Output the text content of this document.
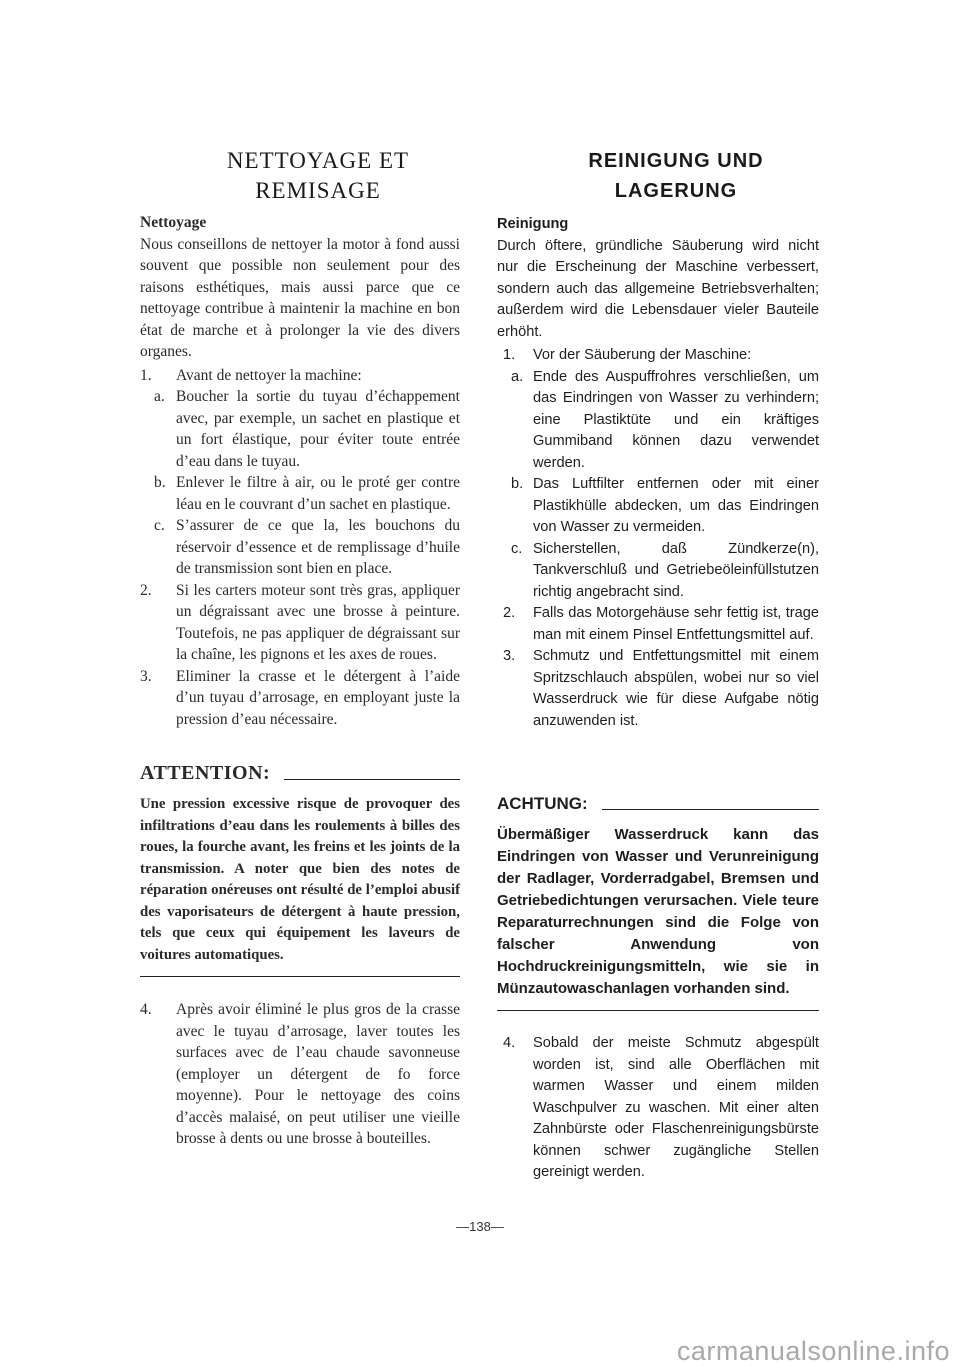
NETTOYAGE ET
REMISAGE
Nettoyage

Nous conseillons de nettoyer la motor à fond aussi souvent que possible non seulement pour des raisons esthétiques, mais aussi parce que ce nettoyage contribue à maintenir la machine en bon état de marche et à prolonger la vie des divers organes.

1. Avant de nettoyer la machine:
a. Boucher la sortie du tuyau d’échappement avec, par exemple, un sachet en plastique et un fort élastique, pour éviter toute entrée d’eau dans le tuyau.
b. Enlever le filtre à air, ou le proté ger contre léau en le couvrant d’un sachet en plastique.
c. S’assurer de ce que la, les bouchons du réservoir d’essence et de remplissage d’huile de transmission sont bien en place.
2. Si les carters moteur sont très gras, appliquer un dégraissant avec une brosse à peinture. Toutefois, ne pas appliquer de dégraissant sur la chaîne, les pignons et les axes de roues.
3. Eliminer la crasse et le détergent à l’aide d’un tuyau d’arrosage, en employant juste la pression d’eau nécessaire.
ATTENTION:

Une pression excessive risque de provoquer des infiltrations d’eau dans les roulements à billes des roues, la fourche avant, les freins et les joints de la transmission. A noter que bien des notes de réparation onéreuses ont résulté de l’emploi abusif des vaporisateurs de détergent à haute pression, tels que ceux qui équipement les laveurs de voitures automatiques.

4. Après avoir éliminé le plus gros de la crasse avec le tuyau d’arrosage, laver toutes les surfaces avec de l’eau chaude savonneuse (employer un détergent de fo force moyenne). Pour le nettoyage des coins d’accès malaisé, on peut utiliser une vieille brosse à dents ou une brosse à bouteilles.
REINIGUNG UND
LAGERUNG
Reinigung

Durch öftere, gründliche Säuberung wird nicht nur die Erscheinung der Maschine verbessert, sondern auch das allgemeine Betriebsverhalten; außerdem wird die Lebensdauer vieler Bauteile erhöht.

1. Vor der Säuberung der Maschine:
a. Ende des Auspuffrohres verschließen, um das Eindringen von Wasser zu verhindern; eine Plastiktüte und ein kräftiges Gummiband können dazu verwendet werden.
b. Das Luftfilter entfernen oder mit einer Plastikhülle abdecken, um das Eindringen von Wasser zu vermeiden.
c. Sicherstellen, daß Zündkerze(n), Tankverschluß und Getriebeöleinfüllstutzen richtig angebracht sind.
2. Falls das Motorgehäuse sehr fettig ist, trage man mit einem Pinsel Entfettungsmittel auf.
3. Schmutz und Entfettungsmittel mit einem Spritzschlauch abspülen, wobei nur so viel Wasserdruck wie für diese Aufgabe nötig anzuwenden ist.
ACHTUNG:

Übermäßiger Wasserdruck kann das Eindringen von Wasser und Verunreinigung der Radlager, Vorderradgabel, Bremsen und Getriebedichtungen verursachen. Viele teure Reparaturrechnungen sind die Folge von falscher Anwendung von Hochdruckreinigungsmitteln, wie sie in Münzautowaschanlagen vorhanden sind.

4. Sobald der meiste Schmutz abgespült worden ist, sind alle Oberflächen mit warmen Wasser und einem milden Waschpulver zu waschen. Mit einer alten Zahnbürste oder Flaschenreinigungsbürste können schwer zugängliche Stellen gereinigt werden.
—138—
carmanualsonline.info
